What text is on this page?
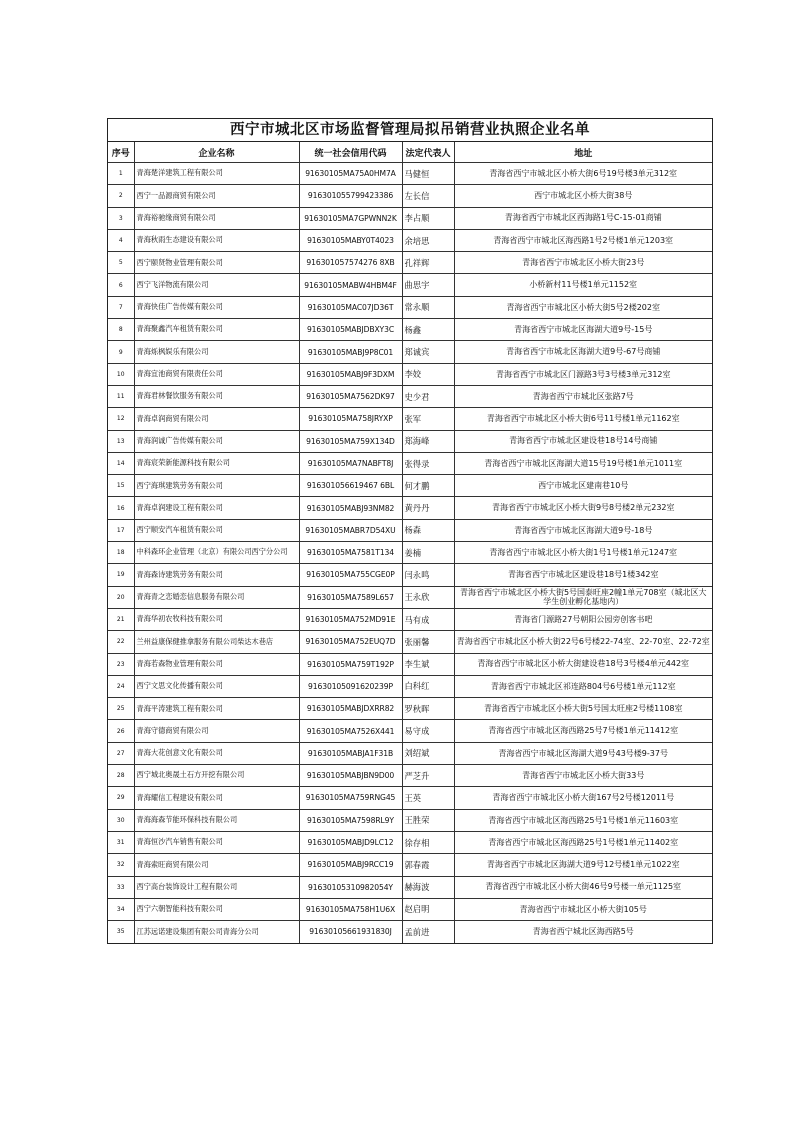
西宁市城北区市场监督管理局拟吊销营业执照企业名单
序号	企业名称	统一社会信用代码	法定代表人	地址
1	青海楚洋建筑工程有限公司	91630105MA75A0HM7A	马健恒	青海省西宁市城北区小桥大街6号19号楼3单元312室
2	西宁一品源商贸有限公司	916301055799423386	左长信	西宁市城北区小桥大街38号
3	青海裕驰缘商贸有限公司	91630105MA7GPWNN2K	李占顺	青海省西宁市城北区西海路1号C-15-01商铺
4	青海秋雨生态建设有限公司	91630105MABY0T4023	余培思	青海省西宁市城北区海西路1号2号楼1单元1203室
5	西宁颐贤物业管理有限公司	916301057574276 8XB	孔祥辉	青海省西宁市城北区小桥大街23号
6	西宁飞洋物流有限公司	91630105MABW4HBM4F	曲思宇	小桥新村11号楼1单元1152室
7	青海快佳广告传媒有限公司	91630105MAC07JD36T	常永顺	青海省西宁市城北区小桥大街5号2楼202室
8	青海聚鑫汽车租赁有限公司	91630105MABJDBXY3C	杨鑫	青海省西宁市城北区海湖大道9号-15号
9	青海烁枫娱乐有限公司	91630105MABJ9P8C01	郑诚宾	青海省西宁市城北区海湖大道9号-67号商铺
10	青海宜池商贸有限责任公司	91630105MABJ9F3DXM	李姣	青海省西宁市城北区门源路3号3号楼3单元312室
11	青海君林餐饮服务有限公司	91630105MA7562DK97	史少君	青海省西宁市城北区张路7号
12	青海卓润商贸有限公司	91630105MA758JRYXP	张军	青海省西宁市城北区小桥大街6号11号楼1单元1162室
13	青海润诚广告传媒有限公司	91630105MA759X134D	郑海峰	青海省西宁市城北区建设巷18号14号商铺
14	青海宸荣新能源科技有限公司	91630105MA7NABFT8J	张得录	青海省西宁市城北区海湖大道15号19号楼1单元1011室
15	西宁海琪建筑劳务有限公司	916301056619467 6BL	何才鹏	西宁市城北区建南巷10号
16	青海卓润建设工程有限公司	91630105MABJ93NM82	黄丹丹	青海省西宁市城北区小桥大街9号8号楼2单元232室
17	西宁顺安汽车租赁有限公司	91630105MABR7D54XU	杨森	青海省西宁市城北区海湖大道9号-18号
18	中科森环企业管理（北京）有限公司西宁分公司	91630105MA7581T134	姜楠	青海省西宁市城北区小桥大街1号1号楼1单元1247室
19	青海森诗建筑劳务有限公司	91630105MA755CGE0P	闫永鸣	青海省西宁市城北区建设巷18号1楼342室
20	青海青之恋婚恋信息服务有限公司	91630105MA7589L657	王永欣	青海省西宁市城北区小桥大街5号国泰旺座2幢1单元708室（城北区大学生创业孵化基地内）
21	青海华初农牧科技有限公司	91630105MA752MD91E	马有成	青海省门源路27号朝阳公园旁创客书吧
22	兰州益康保健推拿服务有限公司柴达木巷店	91630105MA752EUQ7D	张丽馨	青海省西宁市城北区小桥大街22号6号楼22-74室、22-70室、22-72室
23	青海若森物业管理有限公司	91630105MA759T192P	李生斌	青海省西宁市城北区小桥大街建设巷18号3号楼4单元442室
24	西宁文思文化传播有限公司	91630105091620239P	白科红	青海省西宁市城北区祁连路804号6号楼1单元112室
25	青海平涛建筑工程有限公司	91630105MABJDXRR82	罗秋晖	青海省西宁市城北区小桥大街5号国太旺座2号楼1108室
26	青海守德商贸有限公司	91630105MA7526X441	易守成	青海省西宁市城北区海西路25号7号楼1单元11412室
27	青海大花创意文化有限公司	91630105MABJA1F31B	刘绍斌	青海省西宁市城北区海湖大道9号43号楼9-37号
28	西宁城北奥晟土石方开挖有限公司	91630105MABJBN9D00	严芝升	青海省西宁市城北区小桥大街33号
29	青海耀信工程建设有限公司	91630105MA759RNG45	王英	青海省西宁市城北区小桥大街167号2号楼12011号
30	青海海森节能环保科技有限公司	91630105MA7598RL9Y	王胜荣	青海省西宁市城北区海西路25号1号楼1单元11603室
31	青海恒沙汽车销售有限公司	91630105MABJD9LC12	徐存相	青海省西宁市城北区海西路25号1号楼1单元11402室
32	青海索旺商贸有限公司	91630105MABJ9RCC19	郭春霞	青海省西宁市城北区海湖大道9号12号楼1单元1022室
33	西宁高台装饰设计工程有限公司	91630105310982054Y	赫海波	青海省西宁市城北区小桥大街46号9号楼一单元1125室
34	西宁六朝智能科技有限公司	91630105MA758H1U6X	赵启明	青海省西宁市城北区小桥大街105号
35	江苏远诺建设集团有限公司青海分公司	91630105661931830J	孟前进	青海省西宁城北区海西路5号
